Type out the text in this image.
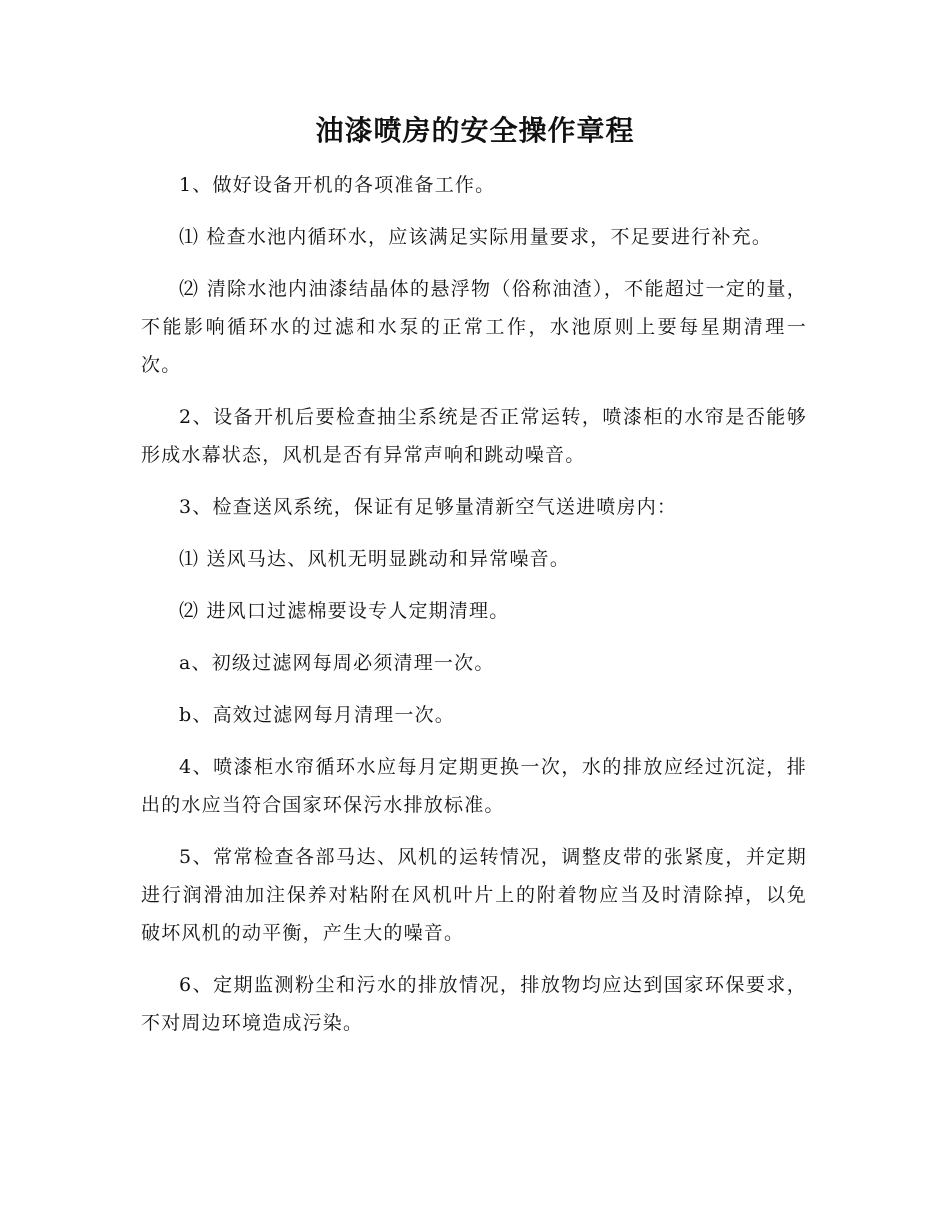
油漆喷房的安全操作章程

1、做好设备开机的各项准备工作。

⑴ 检查水池内循环水，应该满足实际用量要求，不足要进行补充。

⑵ 清除水池内油漆结晶体的悬浮物（俗称油渣），不能超过一定的量，不能影响循环水的过滤和水泵的正常工作，水池原则上要每星期清理一次。

2、设备开机后要检查抽尘系统是否正常运转，喷漆柜的水帘是否能够形成水幕状态，风机是否有异常声响和跳动噪音。

3、检查送风系统，保证有足够量清新空气送进喷房内：

⑴ 送风马达、风机无明显跳动和异常噪音。

⑵ 进风口过滤棉要设专人定期清理。

a、初级过滤网每周必须清理一次。

b、高效过滤网每月清理一次。

4、喷漆柜水帘循环水应每月定期更换一次，水的排放应经过沉淀，排出的水应当符合国家环保污水排放标准。

5、常常检查各部马达、风机的运转情况，调整皮带的张紧度，并定期进行润滑油加注保养对粘附在风机叶片上的附着物应当及时清除掉，以免破坏风机的动平衡，产生大的噪音。

6、定期监测粉尘和污水的排放情况，排放物均应达到国家环保要求，不对周边环境造成污染。
